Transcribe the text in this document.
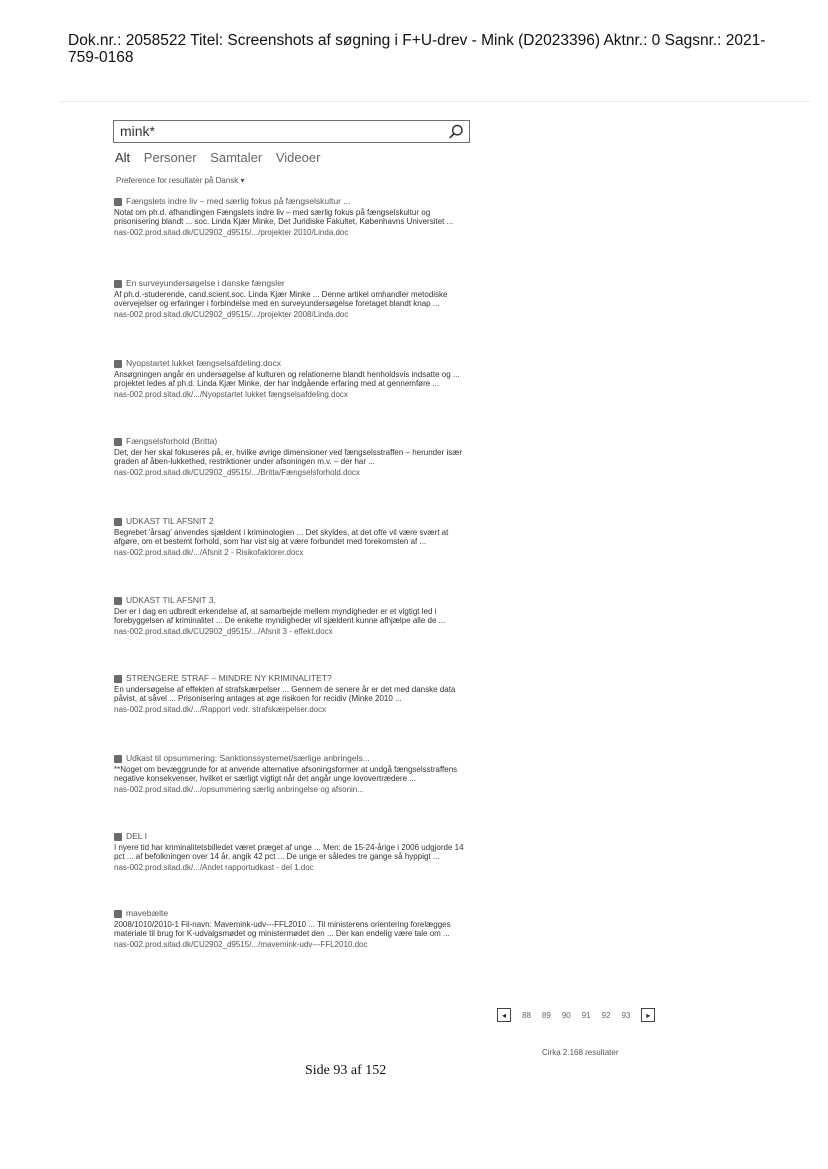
Dok.nr.: 2058522 Titel: Screenshots af søgning i F+U-drev - Mink (D2023396) Aktnr.: 0 Sagsnr.: 2021-759-0168
mink*
Alt Personer Samtaler Videoer
Preference for resultater på Dansk ▾
Fængslets indre liv – med særlig fokus på fængselskultur ...
Notat om ph.d. afhandlingen Fængslets indre liv – med særlig fokus på fængselskultur og prisonisering blandt ... soc. Linda Kjær Minke, Det Juridiske Fakultet, Københavns Universitet ...
nas-002.prod.sitad.dk/CU2902_d9515/.../projekter 2010/Linda.doc
En surveyundersøgelse i danske fængsler
Af ph.d.-studerende, cand.scient.soc. Linda Kjær Minke ... Denne artikel omhandler metodiske overvejelser og erfaringer i forbindelse med en surveyundersøgelse foretaget blandt knap ...
nas-002.prod.sitad.dk/CU2902_d9515/.../projekter 2008/Linda.doc
Nyopstartet lukket fængselsafdeling.docx
Ansøgningen angår en undersøgelse af kulturen og relationerne blandt henholdsvis indsatte og ... projektet ledes af ph.d. Linda Kjær Minke, der har indgående erfaring med at gennemføre ...
nas-002.prod.sitad.dk/.../Nyopstartet lukket fængselsafdeling.docx
Fængselsforhold (Britta)
Det, der her skal fokuseres på, er, hvilke øvrige dimensioner ved fængselsstraffen – herunder især graden af åben-lukkethed, restriktioner under afsoningen m.v. – der har ...
nas-002.prod.sitad.dk/CU2902_d9515/.../Britta/Fængselsforhold.docx
UDKAST TIL AFSNIT 2
Begrebet 'årsag' anvendes sjældent i kriminologien ... Det skyldes, at det ofte vil være svært at afgøre, om et bestemt forhold, som har vist sig at være forbundet med forekomsten af ...
nas-002.prod.sitad.dk/.../Afsnit 2 - Risikofaktorer.docx
UDKAST TIL AFSNIT 3.
Der er i dag en udbredt erkendelse af, at samarbejde mellem myndigheder er et vigtigt led i forebyggelsen af kriminalitet ... De enkelte myndigheder vil sjældent kunne afhjælpe alle de ...
nas-002.prod.sitad.dk/CU2902_d9515/.../Afsnit 3 - effekt.docx
STRENGERE STRAF – MINDRE NY KRIMINALITET?
En undersøgelse af effekten af strafskærpelser ... Gennem de senere år er det med danske data påvist, at såvel ... Prisonisering antages at øge risikoen for recidiv (Minke 2010 ...
nas-002.prod.sitad.dk/.../Rapport vedr. strafskærpelser.docx
Udkast til opsummering: Sanktionssystemet/særlige anbringels...
**Noget om bevæggrunde for at anvende alternative afsoningsformer at undgå fængselsstraffens negative konsekvenser, hvilket er særligt vigtigt når det angår unge lovovertrædere ...
nas-002.prod.sitad.dk/.../opsummering særlig anbringelse og afsonin...
DEL I
I nyere tid har kriminalitetsbilledet været præget af unge ... Men: de 15-24-årige i 2006 udgjorde 14 pct ... af befolkningen over 14 år, angik 42 pct ... De unge er således tre gange så hyppigt ...
nas-002.prod.sitad.dk/.../Andet rapportudkast - del 1.doc
mavebælte
2008/1010/2010-1 Fil-navn: Mavemink-udv---FFL2010 ... Til ministerens orientering forelægges materiale til brug for K-udvalgsmødet og ministermødet den ... Der kan endelig være tale om ...
nas-002.prod.sitad.dk/CU2902_d9515/.../mavemink-udv---FFL2010.doc
◂	88 89 90 91 92 93	▸
Cirka 2.168 resultater
Side 93 af 152
